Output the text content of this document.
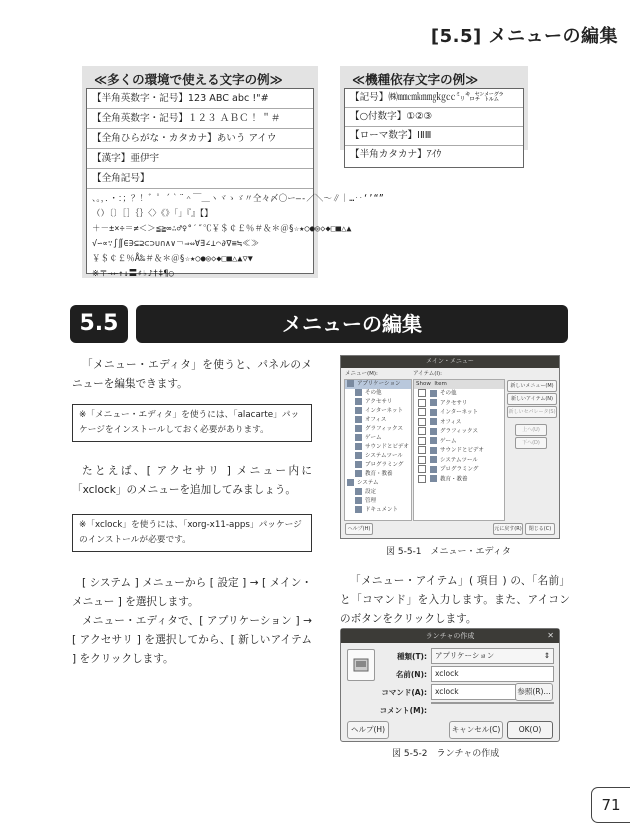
[5.5] メニューの編集
≪多くの環境で使える文字の例≫
【半角英数字・記号】123 ABC abc !"#
【全角英数字・記号】１２３ ＡＢＣ ！＂＃
【全角ひらがな・カタカナ】あいう アイウ
【漢字】亜伊宇
【全角記号】
、。，．・：；？！゛゜´｀¨＾￣＿ヽヾゝゞ〃仝々〆〇ー―‐／＼～∥｜…‥‘’“”
（）〔〕［］｛｝〈〉《》「」『』【】
＋－±×÷＝≠＜＞≦≧∞∴♂♀°′″℃￥＄￠￡％＃＆＊＠§☆★○●◎◇◆□■△▲
√∽∝∵∫∬∈∋⊆⊇⊂⊃∪∩∧∨￢⇒⇔∀∃∠⊥⌒∂∇≡≒≪≫
￥＄￠￡％Å‰＃＆＊＠§☆★○●◎◇◆□■△▲▽▼
※〒→←↑↓〓♯♭♪†‡¶◯
≪機種依存文字の例≫
【記号】㈱㎜㎝㎞㎎㎏㏄㍉㌔㌢㍍㌘
【○付数字】①②③
【ローマ数字】ⅠⅡⅢ
【半角カタカナ】ｱｲｳ
5.5	メニューの編集
「メニュー・エディタ」を使うと、パネルのメニューを編集できます。
※「メニュー・エディタ」を使うには、「alacarte」パッケージをインストールしておく必要があります。
たとえば、[ アクセサリ ] メニュー内に「xclock」のメニューを追加してみましょう。
※「xclock」を使うには、「xorg-x11-apps」パッケージのインストールが必要です。
[ システム ] メニューから [ 設定 ] → [ メイン・メニュー ] を選択します。
メニュー・エディタで、[ アプリケーション ] → [ アクセサリ ] を選択してから、[ 新しいアイテム ] をクリックします。
メイン・メニュー
メニュー(M):	アイテム(I):
アプリケーション
その他
アクセサリ
インターネット
オフィス
グラフィックス
ゲーム
サウンドとビデオ
システムツール
プログラミング
教育・教養
システム
設定
管理
ドキュメント
Show Item
その他
アクセサリ
インターネット
オフィス
グラフィックス
ゲーム
サウンドとビデオ
システムツール
プログラミング
教育・教養
新しいメニュー(M)
新しいアイテム(N)
新しいセパレータ(S)
上へ(U)
下へ(D)
ヘルプ(H)	元に戻す(R)	閉じる(C)
図 5-5-1　メニュー・エディタ
「メニュー・アイテム」( 項目 ) の、「名前」と「コマンド」を入力します。また、アイコンのボタンをクリックします。
ランチャの作成	✕
種類(T):	アプリケーション	⇕
名前(N):	xclock
コマンド(A):	xclock	参照(R)...
コメント(M):
ヘルプ(H)	キャンセル(C)	OK(O)
図 5-5-2　ランチャの作成
71
